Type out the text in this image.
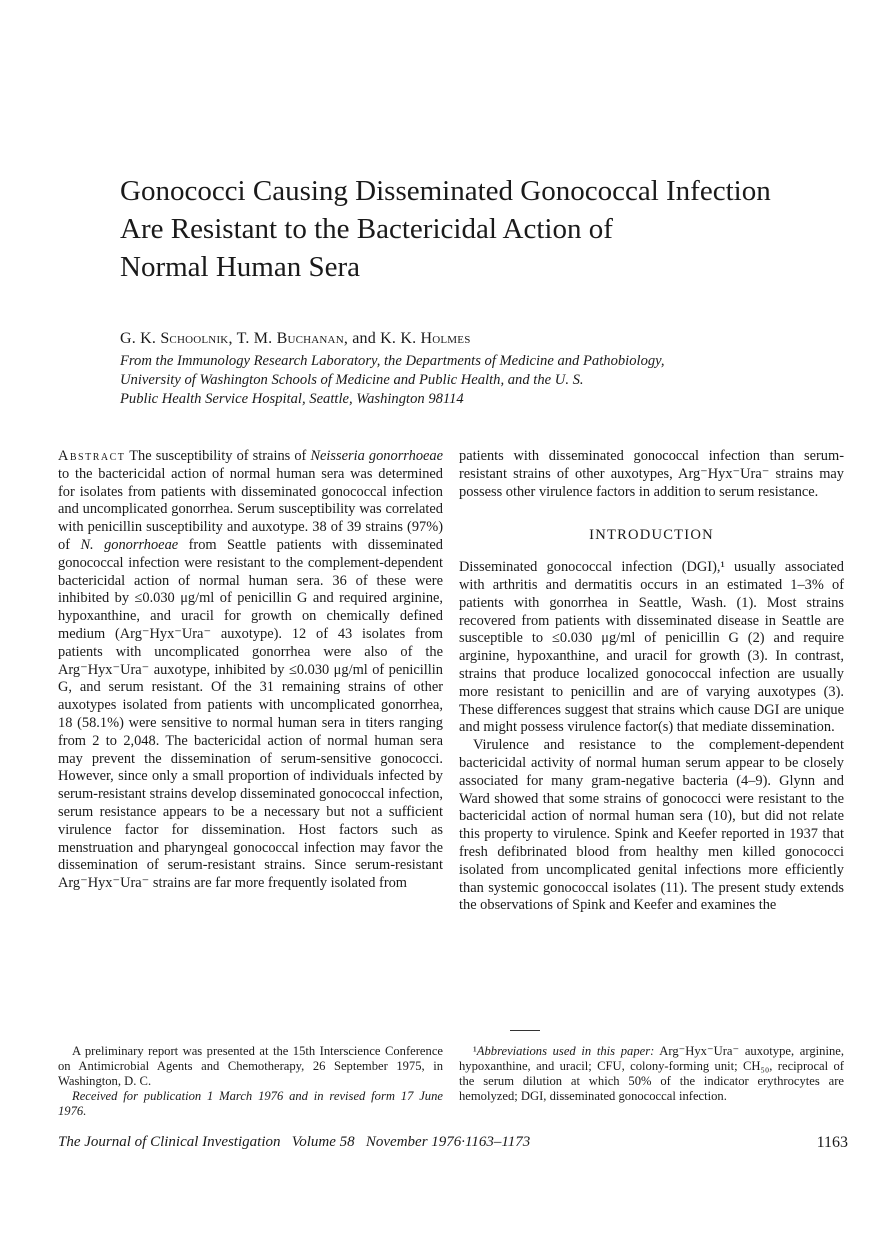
Gonococci Causing Disseminated Gonococcal Infection
Are Resistant to the Bactericidal Action of
Normal Human Sera
G. K. Schoolnik, T. M. Buchanan, and K. K. Holmes
From the Immunology Research Laboratory, the Departments of Medicine and Pathobiology,
University of Washington Schools of Medicine and Public Health, and the U. S.
Public Health Service Hospital, Seattle, Washington 98114

Abstract The susceptibility of strains of Neisseria gonorrhoeae to the bactericidal action of normal human sera was determined for isolates from patients with disseminated gonococcal infection and uncomplicated gonorrhea. Serum susceptibility was correlated with penicillin susceptibility and auxotype. 38 of 39 strains (97%) of N. gonorrhoeae from Seattle patients with disseminated gonococcal infection were resistant to the complement-dependent bactericidal action of normal human sera. 36 of these were inhibited by ≤0.030 μg/ml of penicillin G and required arginine, hypoxanthine, and uracil for growth on chemically defined medium (Arg⁻Hyx⁻Ura⁻ auxotype). 12 of 43 isolates from patients with uncomplicated gonorrhea were also of the Arg⁻Hyx⁻Ura⁻ auxotype, inhibited by ≤0.030 μg/ml of penicillin G, and serum resistant. Of the 31 remaining strains of other auxotypes isolated from patients with uncomplicated gonorrhea, 18 (58.1%) were sensitive to normal human sera in titers ranging from 2 to 2,048. The bactericidal action of normal human sera may prevent the dissemination of serum-sensitive gonococci. However, since only a small proportion of individuals infected by serum-resistant strains develop disseminated gonococcal infection, serum resistance appears to be a necessary but not a sufficient virulence factor for dissemination. Host factors such as menstruation and pharyngeal gonococcal infection may favor the dissemination of serum-resistant strains. Since serum-resistant Arg⁻Hyx⁻Ura⁻ strains are far more frequently isolated from

patients with disseminated gonococcal infection than serum-resistant strains of other auxotypes, Arg⁻Hyx⁻Ura⁻ strains may possess other virulence factors in addition to serum resistance.

INTRODUCTION

Disseminated gonococcal infection (DGI),¹ usually associated with arthritis and dermatitis occurs in an estimated 1–3% of patients with gonorrhea in Seattle, Wash. (1). Most strains recovered from patients with disseminated disease in Seattle are susceptible to ≤0.030 μg/ml of penicillin G (2) and require arginine, hypoxanthine, and uracil for growth (3). In contrast, strains that produce localized gonococcal infection are usually more resistant to penicillin and are of varying auxotypes (3). These differences suggest that strains which cause DGI are unique and might possess virulence factor(s) that mediate dissemination.

Virulence and resistance to the complement-dependent bactericidal activity of normal human serum appear to be closely associated for many gram-negative bacteria (4–9). Glynn and Ward showed that some strains of gonococci were resistant to the bactericidal action of normal human sera (10), but did not relate this property to virulence. Spink and Keefer reported in 1937 that fresh defibrinated blood from healthy men killed gonococci isolated from uncomplicated genital infections more efficiently than systemic gonococcal isolates (11). The present study extends the observations of Spink and Keefer and examines the

A preliminary report was presented at the 15th Interscience Conference on Antimicrobial Agents and Chemotherapy, 26 September 1975, in Washington, D. C.

Received for publication 1 March 1976 and in revised form 17 June 1976.

¹Abbreviations used in this paper: Arg⁻Hyx⁻Ura⁻ auxotype, arginine, hypoxanthine, and uracil; CFU, colony-forming unit; CH₅₀, reciprocal of the serum dilution at which 50% of the indicator erythrocytes are hemolyzed; DGI, disseminated gonococcal infection.

The Journal of Clinical Investigation   Volume 58   November 1976·1163–1173	1163
